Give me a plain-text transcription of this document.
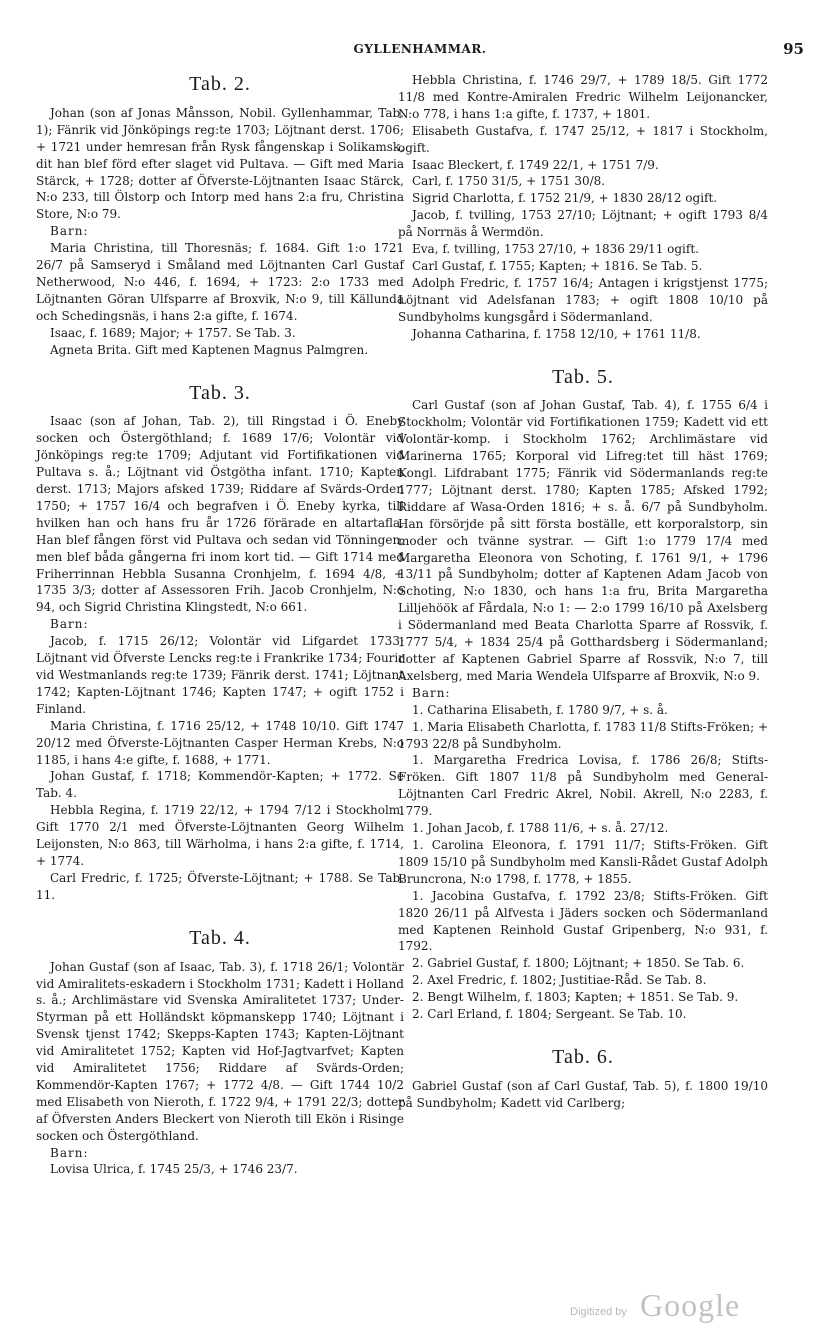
GYLLENHAMMAR.	95
Tab. 2.

Johan (son af Jonas Månsson, Nobil. Gyllenhammar, Tab. 1); Fänrik vid Jönköpings reg:te 1703; Löjtnant derst. 1706; + 1721 under hemresan från Rysk fångenskap i Solikamsk, dit han blef förd efter slaget vid Pultava. — Gift med Maria Stärck, + 1728; dotter af Öfverste-Löjtnanten Isaac Stärck, N:o 233, till Ölstorp och Intorp med hans 2:a fru, Christina Store, N:o 79.

Barn:

Maria Christina, till Thoresnäs; f. 1684. Gift 1:o 1721 26/7 på Samseryd i Småland med Löjtnanten Carl Gustaf Netherwood, N:o 446, f. 1694, + 1723: 2:o 1733 med Löjtnanten Göran Ulfsparre af Broxvik, N:o 9, till Källunda och Schedingsnäs, i hans 2:a gifte, f. 1674.

Isaac, f. 1689; Major; + 1757. Se Tab. 3.

Agneta Brita. Gift med Kaptenen Magnus Palmgren.

Tab. 3.

Isaac (son af Johan, Tab. 2), till Ringstad i Ö. Eneby socken och Östergöthland; f. 1689 17/6; Volontär vid Jönköpings reg:te 1709; Adjutant vid Fortifikationen vid Pultava s. å.; Löjtnant vid Östgötha infant. 1710; Kapten derst. 1713; Majors afsked 1739; Riddare af Svärds-Orden 1750; + 1757 16/4 och begrafven i Ö. Eneby kyrka, till hvilken han och hans fru år 1726 förärade en altartafla. Han blef fången först vid Pultava och sedan vid Tönningen, men blef båda gångerna fri inom kort tid. — Gift 1714 med Friherrinnan Hebbla Susanna Cronhjelm, f. 1694 4/8, + 1735 3/3; dotter af Assessoren Frih. Jacob Cronhjelm, N:o 94, och Sigrid Christina Klingstedt, N:o 661.

Barn:

Jacob, f. 1715 26/12; Volontär vid Lifgardet 1733; Löjtnant vid Öfverste Lencks reg:te i Frankrike 1734; Fourir vid Westmanlands reg:te 1739; Fänrik derst. 1741; Löjtnant 1742; Kapten-Löjtnant 1746; Kapten 1747; + ogift 1752 i Finland.

Maria Christina, f. 1716 25/12, + 1748 10/10. Gift 1747 20/12 med Öfverste-Löjtnanten Casper Herman Krebs, N:o 1185, i hans 4:e gifte, f. 1688, + 1771.

Johan Gustaf, f. 1718; Kommendör-Kapten; + 1772. Se Tab. 4.

Hebbla Regina, f. 1719 22/12, + 1794 7/12 i Stockholm. Gift 1770 2/1 med Öfverste-Löjtnanten Georg Wilhelm Leijonsten, N:o 863, till Wärholma, i hans 2:a gifte, f. 1714, + 1774.

Carl Fredric, f. 1725; Öfverste-Löjtnant; + 1788. Se Tab. 11.

Tab. 4.

Johan Gustaf (son af Isaac, Tab. 3), f. 1718 26/1; Volontär vid Amiralitets-eskadern i Stockholm 1731; Kadett i Holland s. å.; Archlimästare vid Svenska Amiralitetet 1737; Under-Styrman på ett Holländskt köpmanskepp 1740; Löjtnant i Svensk tjenst 1742; Skepps-Kapten 1743; Kapten-Löjtnant vid Amiralitetet 1752; Kapten vid Hof-Jagtvarfvet; Kapten vid Amiralitetet 1756; Riddare af Svärds-Orden; Kommendör-Kapten 1767; + 1772 4/8. — Gift 1744 10/2 med Elisabeth von Nieroth, f. 1722 9/4, + 1791 22/3; dotter af Öfversten Anders Bleckert von Nieroth till Ekön i Risinge socken och Östergöthland.

Barn:

Lovisa Ulrica, f. 1745 25/3, + 1746 23/7.

Hebbla Christina, f. 1746 29/7, + 1789 18/5. Gift 1772 11/8 med Kontre-Amiralen Fredric Wilhelm Leijonancker, N:o 778, i hans 1:a gifte, f. 1737, + 1801.

Elisabeth Gustafva, f. 1747 25/12, + 1817 i Stockholm, ogift.

Isaac Bleckert, f. 1749 22/1, + 1751 7/9.

Carl, f. 1750 31/5, + 1751 30/8.

Sigrid Charlotta, f. 1752 21/9, + 1830 28/12 ogift.

Jacob, f. tvilling, 1753 27/10; Löjtnant; + ogift 1793 8/4 på Norrnäs å Wermdön.

Eva, f. tvilling, 1753 27/10, + 1836 29/11 ogift.

Carl Gustaf, f. 1755; Kapten; + 1816. Se Tab. 5.

Adolph Fredric, f. 1757 16/4; Antagen i krigstjenst 1775; Löjtnant vid Adelsfanan 1783; + ogift 1808 10/10 på Sundbyholms kungsgård i Södermanland.

Johanna Catharina, f. 1758 12/10, + 1761 11/8.

Tab. 5.

Carl Gustaf (son af Johan Gustaf, Tab. 4), f. 1755 6/4 i Stockholm; Volontär vid Fortifikationen 1759; Kadett vid ett Volontär-komp. i Stockholm 1762; Archlimästare vid Marinerna 1765; Korporal vid Lifreg:tet till häst 1769; Kongl. Lifdrabant 1775; Fänrik vid Södermanlands reg:te 1777; Löjtnant derst. 1780; Kapten 1785; Afsked 1792; Riddare af Wasa-Orden 1816; + s. å. 6/7 på Sundbyholm. Han försörjde på sitt första boställe, ett korporalstorp, sin moder och tvänne systrar. — Gift 1:o 1779 17/4 med Margaretha Eleonora von Schoting, f. 1761 9/1, + 1796 13/11 på Sundbyholm; dotter af Kaptenen Adam Jacob von Schoting, N:o 1830, och hans 1:a fru, Brita Margaretha Lilljehöök af Fårdala, N:o 1: — 2:o 1799 16/10 på Axelsberg i Södermanland med Beata Charlotta Sparre af Rossvik, f. 1777 5/4, + 1834 25/4 på Gotthardsberg i Södermanland; dotter af Kaptenen Gabriel Sparre af Rossvik, N:o 7, till Axelsberg, med Maria Wendela Ulfsparre af Broxvik, N:o 9.

Barn:

1. Catharina Elisabeth, f. 1780 9/7, + s. å.

1. Maria Elisabeth Charlotta, f. 1783 11/8 Stifts-Fröken; + 1793 22/8 på Sundbyholm.

1. Margaretha Fredrica Lovisa, f. 1786 26/8; Stifts-Fröken. Gift 1807 11/8 på Sundbyholm med General-Löjtnanten Carl Fredric Akrel, Nobil. Akrell, N:o 2283, f. 1779.

1. Johan Jacob, f. 1788 11/6, + s. å. 27/12.

1. Carolina Eleonora, f. 1791 11/7; Stifts-Fröken. Gift 1809 15/10 på Sundbyholm med Kansli-Rådet Gustaf Adolph Bruncrona, N:o 1798, f. 1778, + 1855.

1. Jacobina Gustafva, f. 1792 23/8; Stifts-Fröken. Gift 1820 26/11 på Alfvesta i Jäders socken och Södermanland med Kaptenen Reinhold Gustaf Gripenberg, N:o 931, f. 1792.

2. Gabriel Gustaf, f. 1800; Löjtnant; + 1850. Se Tab. 6.

2. Axel Fredric, f. 1802; Justitiae-Råd. Se Tab. 8.

2. Bengt Wilhelm, f. 1803; Kapten; + 1851. Se Tab. 9.

2. Carl Erland, f. 1804; Sergeant. Se Tab. 10.

Tab. 6.

Gabriel Gustaf (son af Carl Gustaf, Tab. 5), f. 1800 19/10 på Sundbyholm; Kadett vid Carlberg;

Digitized by Google
